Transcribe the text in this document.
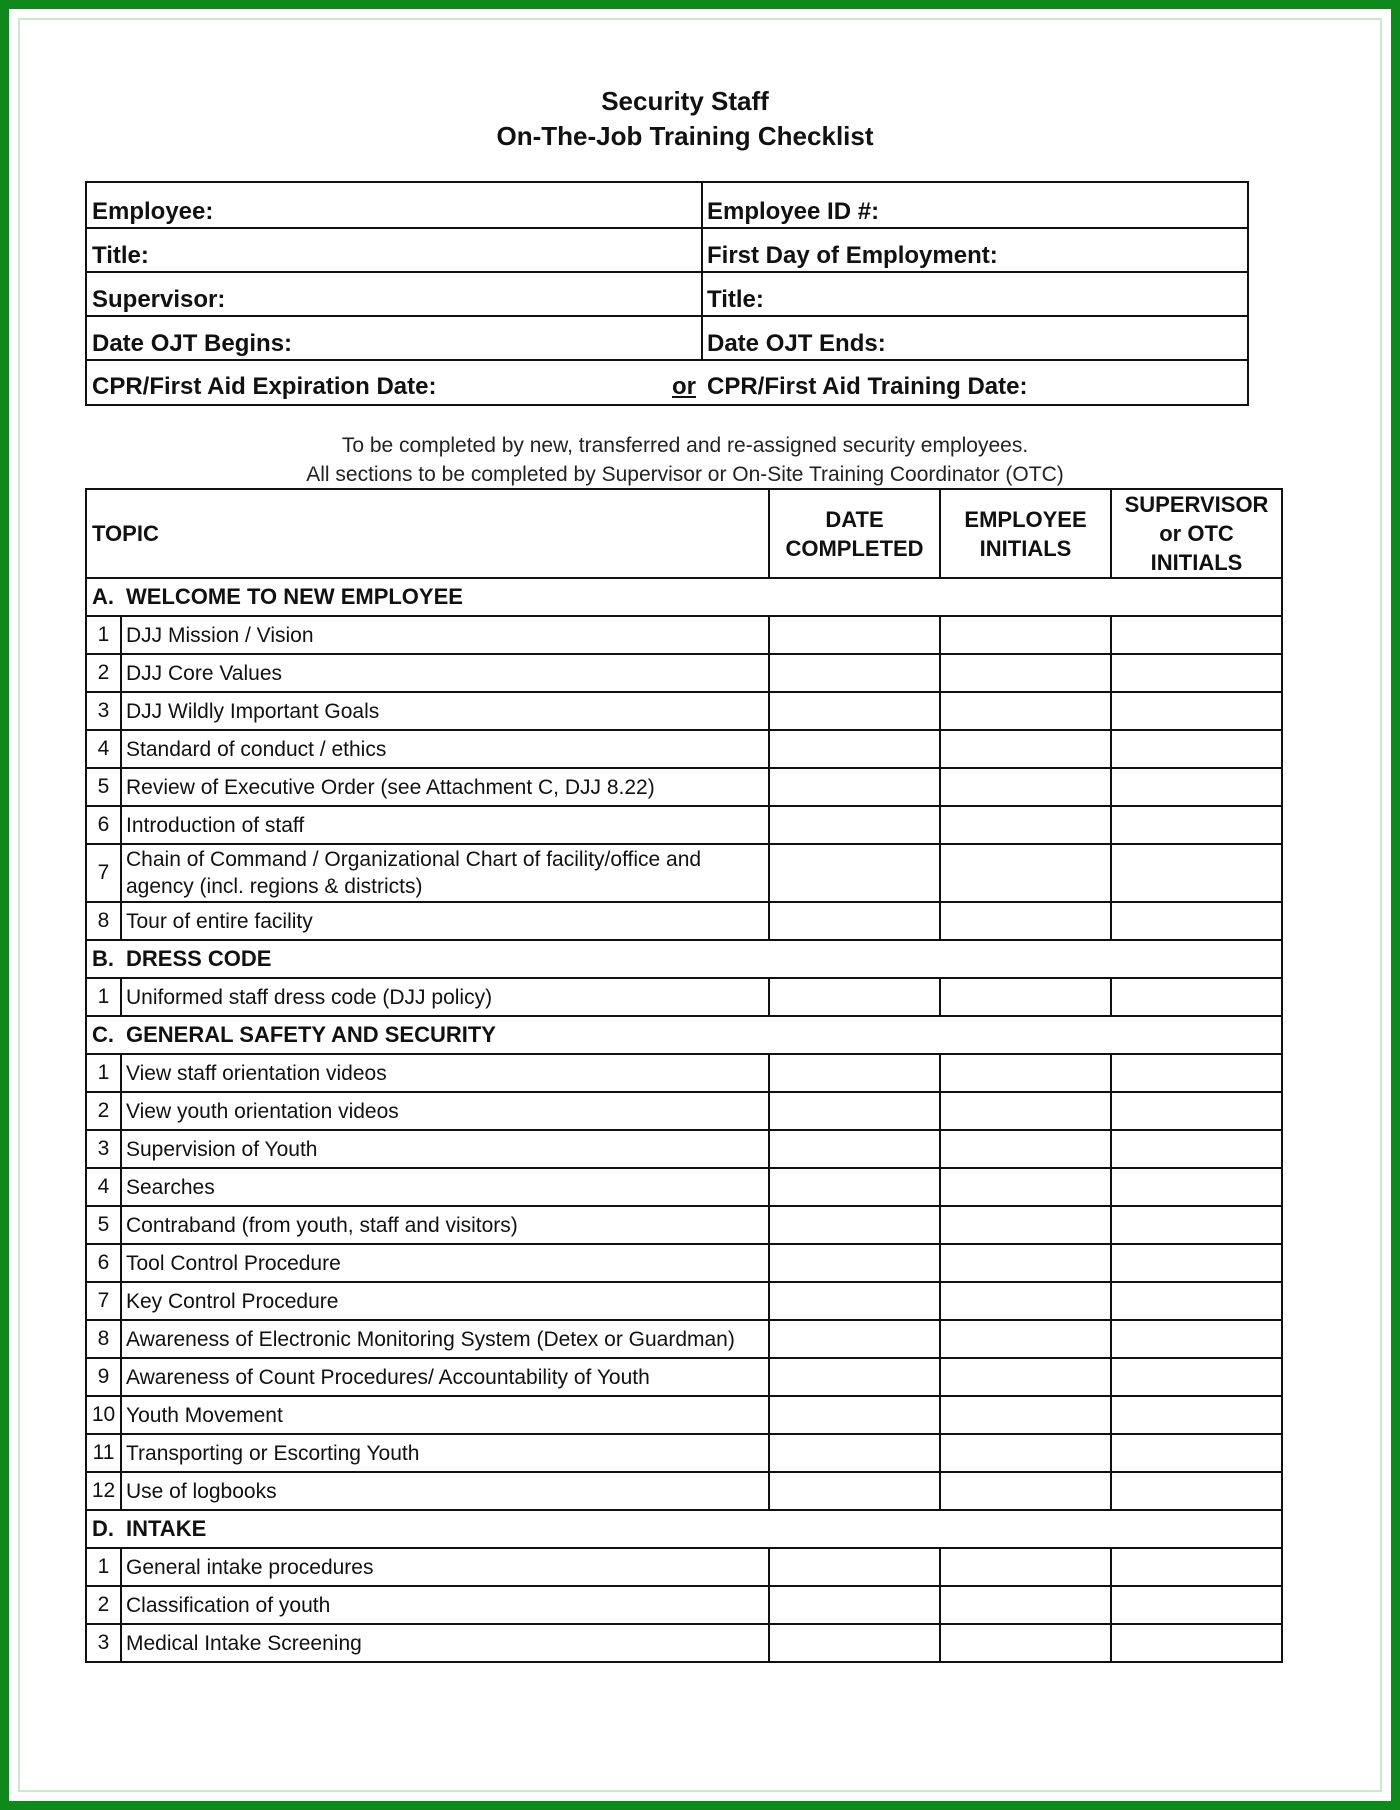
Security Staff
On-The-Job Training Checklist
Employee:	Employee ID #:
Title:	First Day of Employment:
Supervisor:	Title:
Date OJT Begins:	Date OJT Ends:
CPR/First Aid Expiration Date:	or CPR/First Aid Training Date:
To be completed by new, transferred and re-assigned security employees.
All sections to be completed by Supervisor or On-Site Training Coordinator (OTC)
TOPIC		DATE COMPLETED	EMPLOYEE INITIALS	SUPERVISOR or OTC INITIALS
A. WELCOME TO NEW EMPLOYEE				
1	DJJ Mission / Vision			
2	DJJ Core Values			
3	DJJ Wildly Important Goals			
4	Standard of conduct / ethics			
5	Review of Executive Order (see Attachment C, DJJ 8.22)			
6	Introduction of staff			
7	Chain of Command / Organizational Chart of facility/office and agency (incl. regions & districts)			
8	Tour of entire facility			
B. DRESS CODE				
1	Uniformed staff dress code (DJJ policy)			
C. GENERAL SAFETY AND SECURITY				
1	View staff orientation videos			
2	View youth orientation videos			
3	Supervision of Youth			
4	Searches			
5	Contraband (from youth, staff and visitors)			
6	Tool Control Procedure			
7	Key Control Procedure			
8	Awareness of Electronic Monitoring System (Detex or Guardman)			
9	Awareness of Count Procedures/ Accountability of Youth			
10	Youth Movement			
11	Transporting or Escorting Youth			
12	Use of logbooks			
D. INTAKE				
1	General intake procedures			
2	Classification of youth			
3	Medical Intake Screening			
